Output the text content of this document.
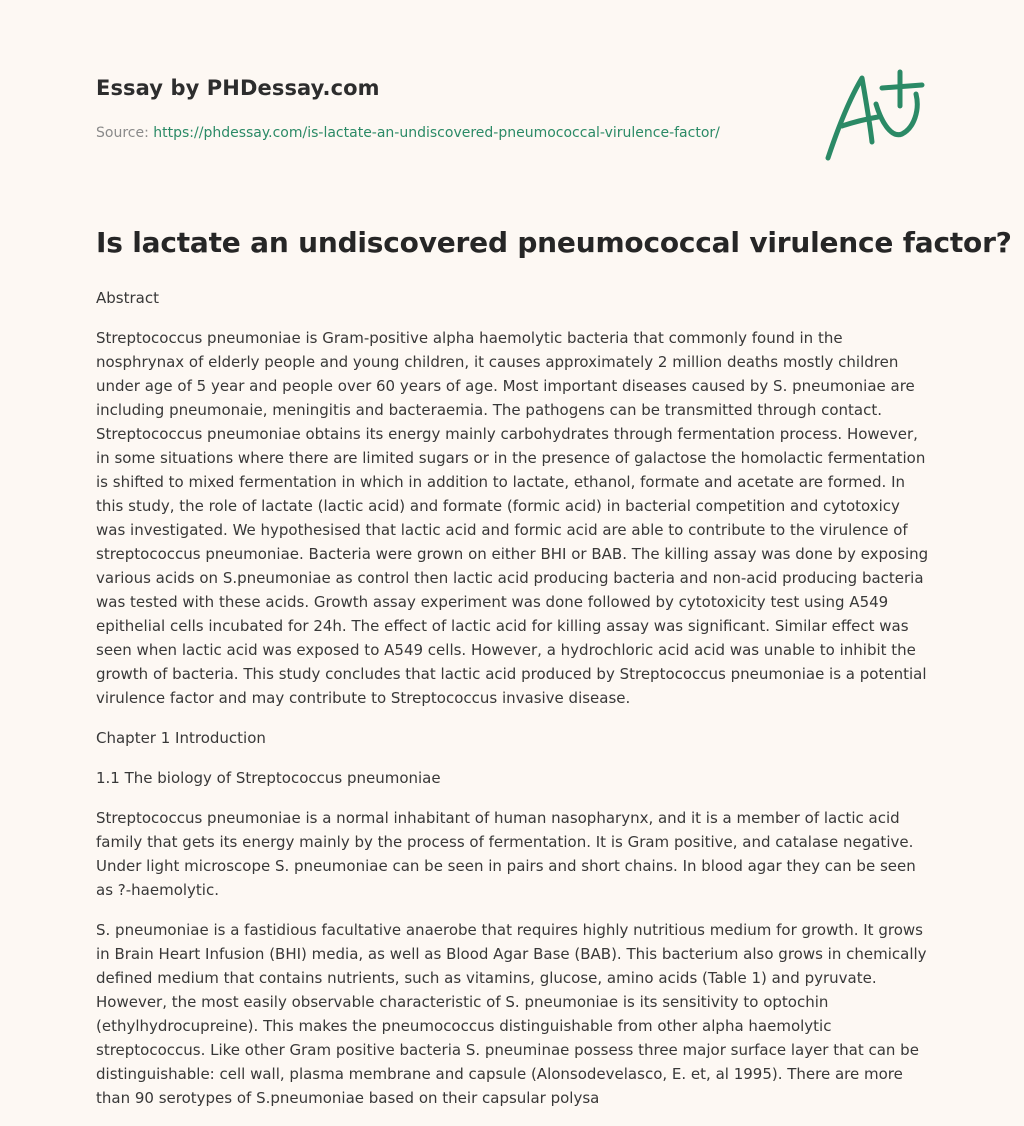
Essay by PHDessay.com
Source: https://phdessay.com/is-lactate-an-undiscovered-pneumococcal-virulence-factor/
Is lactate an undiscovered pneumococcal virulence factor?

Abstract

Streptococcus pneumoniae is Gram-positive alpha haemolytic bacteria that commonly found in the nosphrynax of elderly people and young children, it causes approximately 2 million deaths mostly children under age of 5 year and people over 60 years of age. Most important diseases caused by S. pneumoniae are including pneumonaie, meningitis and bacteraemia. The pathogens can be transmitted through contact. Streptococcus pneumoniae obtains its energy mainly carbohydrates through fermentation process. However, in some situations where there are limited sugars or in the presence of galactose the homolactic fermentation is shifted to mixed fermentation in which in addition to lactate, ethanol, formate and acetate are formed. In this study, the role of lactate (lactic acid) and formate (formic acid) in bacterial competition and cytotoxicy was investigated. We hypothesised that lactic acid and formic acid are able to contribute to the virulence of streptococcus pneumoniae. Bacteria were grown on either BHI or BAB. The killing assay was done by exposing various acids on S.pneumoniae as control then lactic acid producing bacteria and non-acid producing bacteria was tested with these acids. Growth assay experiment was done followed by cytotoxicity test using A549 epithelial cells incubated for 24h. The effect of lactic acid for killing assay was significant. Similar effect was seen when lactic acid was exposed to A549 cells. However, a hydrochloric acid acid was unable to inhibit the growth of bacteria. This study concludes that lactic acid produced by Streptococcus pneumoniae is a potential virulence factor and may contribute to Streptococcus invasive disease.

Chapter 1 Introduction

1.1 The biology of Streptococcus pneumoniae

Streptococcus pneumoniae is a normal inhabitant of human nasopharynx, and it is a member of lactic acid family that gets its energy mainly by the process of fermentation. It is Gram positive, and catalase negative. Under light microscope S. pneumoniae can be seen in pairs and short chains. In blood agar they can be seen as ?-haemolytic.

S. pneumoniae is a fastidious facultative anaerobe that requires highly nutritious medium for growth. It grows in Brain Heart Infusion (BHI) media, as well as Blood Agar Base (BAB). This bacterium also grows in chemically defined medium that contains nutrients, such as vitamins, glucose, amino acids (Table 1) and pyruvate. However, the most easily observable characteristic of S. pneumoniae is its sensitivity to optochin (ethylhydrocupreine). This makes the pneumococcus distinguishable from other alpha haemolytic streptococcus. Like other Gram positive bacteria S. pneuminae possess three major surface layer that can be distinguishable: cell wall, plasma membrane and capsule (Alonsodevelasco, E. et, al 1995). There are more than 90 serotypes of S.pneumoniae based on their capsular polysa
